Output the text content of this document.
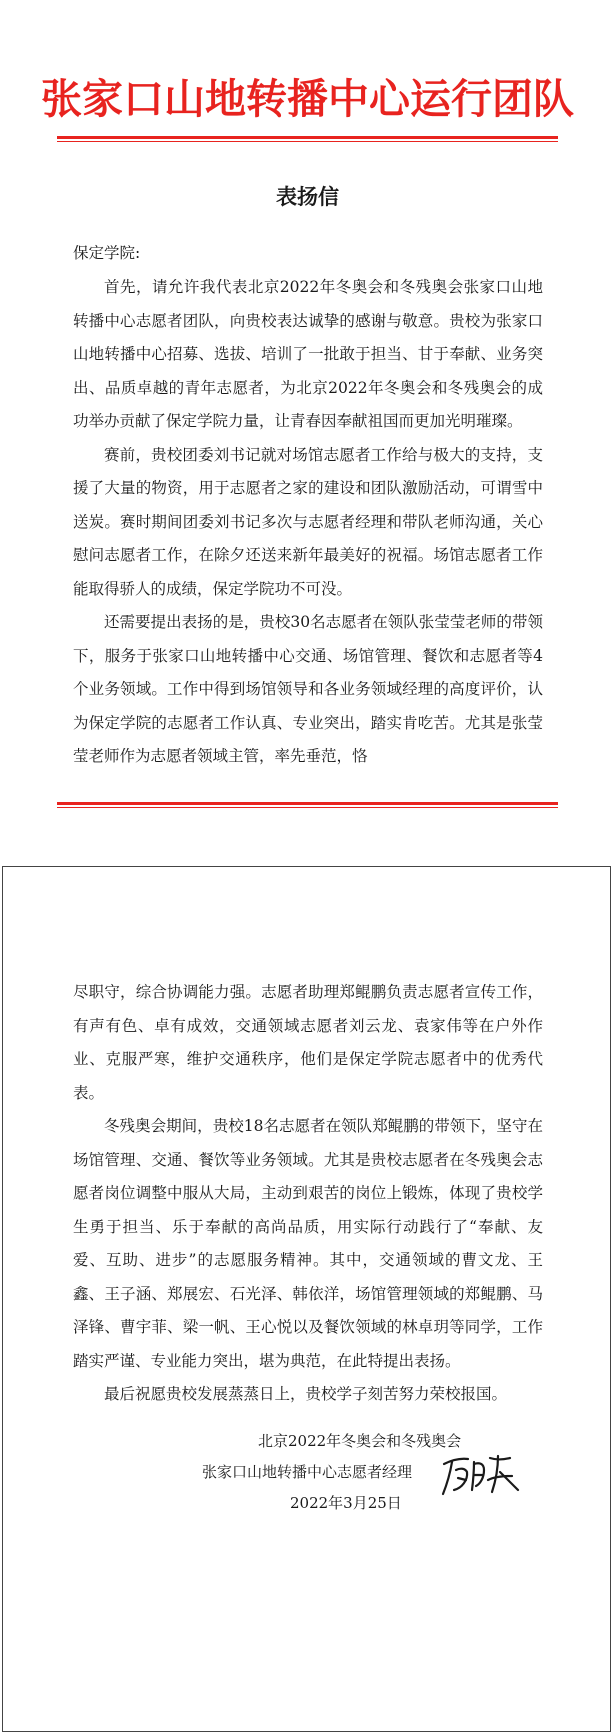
张家口山地转播中心运行团队
表扬信
保定学院:

首先，请允许我代表北京2022年冬奥会和冬残奥会张家口山地转播中心志愿者团队，向贵校表达诚挚的感谢与敬意。贵校为张家口山地转播中心招募、选拔、培训了一批敢于担当、甘于奉献、业务突出、品质卓越的青年志愿者，为北京2022年冬奥会和冬残奥会的成功举办贡献了保定学院力量，让青春因奉献祖国而更加光明璀璨。

赛前，贵校团委刘书记就对场馆志愿者工作给与极大的支持，支援了大量的物资，用于志愿者之家的建设和团队激励活动，可谓雪中送炭。赛时期间团委刘书记多次与志愿者经理和带队老师沟通，关心慰问志愿者工作，在除夕还送来新年最美好的祝福。场馆志愿者工作能取得骄人的成绩，保定学院功不可没。

还需要提出表扬的是，贵校30名志愿者在领队张莹莹老师的带领下，服务于张家口山地转播中心交通、场馆管理、餐饮和志愿者等4个业务领域。工作中得到场馆领导和各业务领域经理的高度评价，认为保定学院的志愿者工作认真、专业突出，踏实肯吃苦。尤其是张莹莹老师作为志愿者领域主管，率先垂范，恪

尽职守，综合协调能力强。志愿者助理郑鲲鹏负责志愿者宣传工作，有声有色、卓有成效，交通领域志愿者刘云龙、袁家伟等在户外作业、克服严寒，维护交通秩序，他们是保定学院志愿者中的优秀代表。

冬残奥会期间，贵校18名志愿者在领队郑鲲鹏的带领下，坚守在场馆管理、交通、餐饮等业务领域。尤其是贵校志愿者在冬残奥会志愿者岗位调整中服从大局，主动到艰苦的岗位上锻炼，体现了贵校学生勇于担当、乐于奉献的高尚品质，用实际行动践行了“奉献、友爱、互助、进步”的志愿服务精神。其中，交通领域的曹文龙、王鑫、王子涵、郑展宏、石光泽、韩依洋，场馆管理领域的郑鲲鹏、马泽锋、曹宇菲、梁一帆、王心悦以及餐饮领域的林卓玥等同学，工作踏实严谨、专业能力突出，堪为典范，在此特提出表扬。

最后祝愿贵校发展蒸蒸日上，贵校学子刻苦努力荣校报国。

北京2022年冬奥会和冬残奥会
张家口山地转播中心志愿者经理
2022年3月25日
